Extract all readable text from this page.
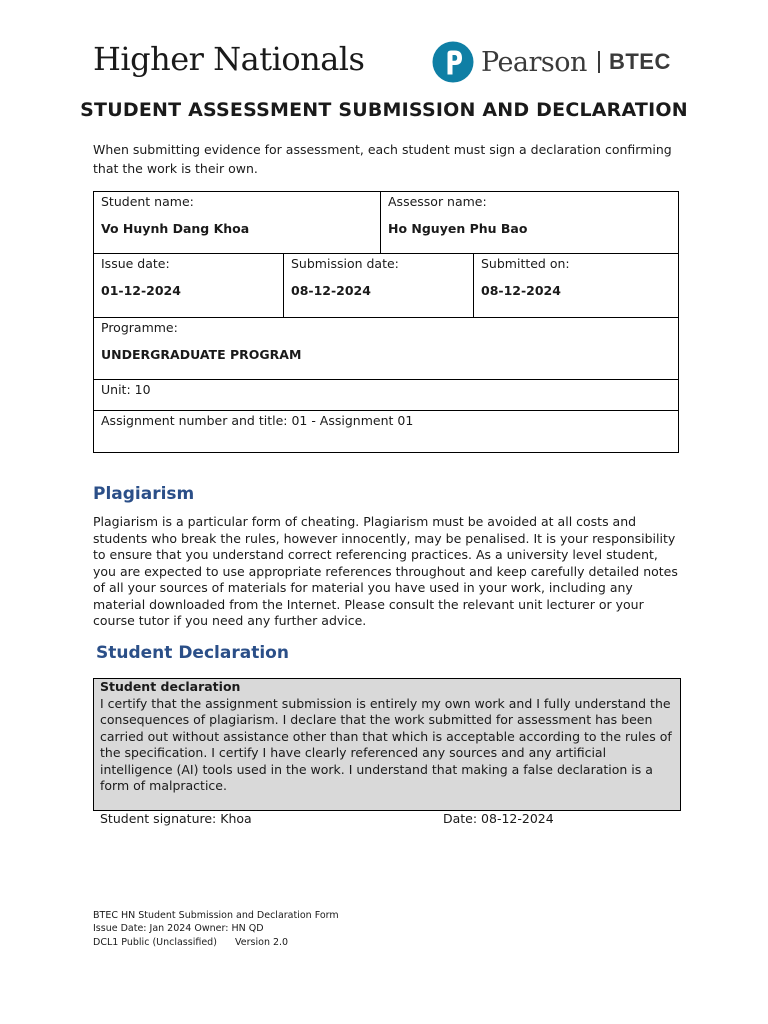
Higher Nationals	Pearson BTEC
STUDENT ASSESSMENT SUBMISSION AND DECLARATION

When submitting evidence for assessment, each student must sign a declaration confirming that the work is their own.

Student name:
Vo Huynh Dang Khoa		Assessor name:
Ho Nguyen Phu Bao	

Issue date:
01-12-2024	Submission date:
08-12-2024		Submitted on:
08-12-2024

Programme:
UNDERGRADUATE PROGRAM			

Unit: 10			

Assignment number and title: 01 - Assignment 01			
Plagiarism

Plagiarism is a particular form of cheating. Plagiarism must be avoided at all costs and students who break the rules, however innocently, may be penalised. It is your responsibility to ensure that you understand correct referencing practices. As a university level student, you are expected to use appropriate references throughout and keep carefully detailed notes of all your sources of materials for material you have used in your work, including any material downloaded from the Internet. Please consult the relevant unit lecturer or your course tutor if you need any further advice.

Student Declaration
Student declaration
I certify that the assignment submission is entirely my own work and I fully understand the consequences of plagiarism. I declare that the work submitted for assessment has been carried out without assistance other than that which is acceptable according to the rules of the specification. I certify I have clearly referenced any sources and any artificial intelligence (AI) tools used in the work. I understand that making a false declaration is a form of malpractice.
Student signature: Khoa	Date: 08-12-2024
BTEC HN Student Submission and Declaration Form
Issue Date: Jan 2024 Owner: HN QD
DCL1 Public (Unclassified)      Version 2.0
